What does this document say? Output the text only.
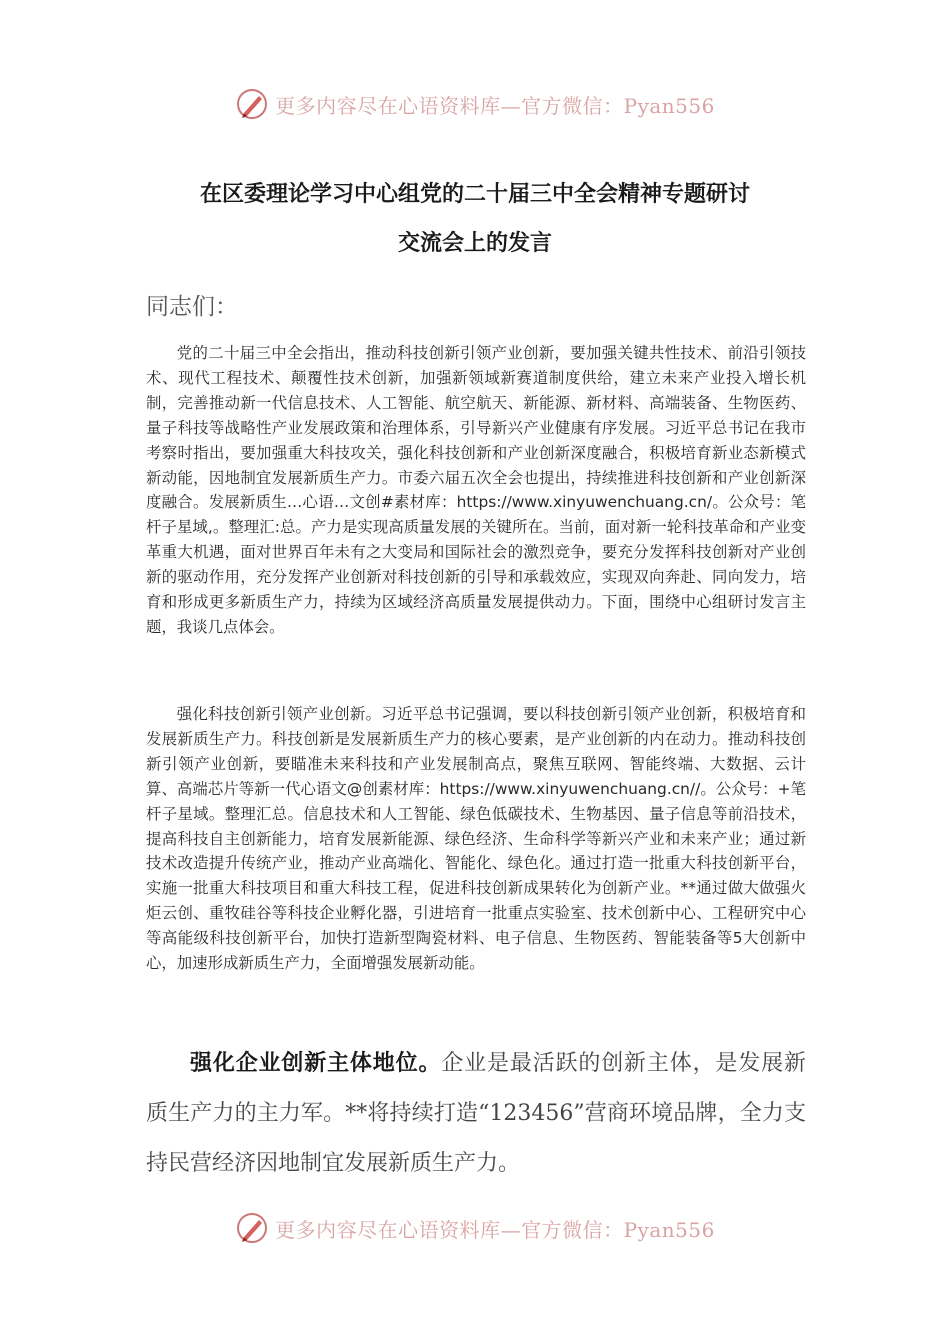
更多内容尽在心语资料库—官方微信：Pyan556
在区委理论学习中心组党的二十届三中全会精神专题研讨
交流会上的发言
同志们：

党的二十届三中全会指出，推动科技创新引领产业创新，要加强关键共性技术、前沿引领技术、现代工程技术、颠覆性技术创新，加强新领域新赛道制度供给，建立未来产业投入增长机制，完善推动新一代信息技术、人工智能、航空航天、新能源、新材料、高端装备、生物医药、量子科技等战略性产业发展政策和治理体系，引导新兴产业健康有序发展。习近平总书记在我市考察时指出，要加强重大科技攻关，强化科技创新和产业创新深度融合，积极培育新业态新模式新动能，因地制宜发展新质生产力。市委六届五次全会也提出，持续推进科技创新和产业创新深度融合。发展新质生…心语…文创#素材库：https://www.xinyuwenchuang.cn/。公众号：笔杆子星域,。整理汇:总。产力是实现高质量发展的关键所在。当前，面对新一轮科技革命和产业变革重大机遇，面对世界百年未有之大变局和国际社会的激烈竞争，要充分发挥科技创新对产业创新的驱动作用，充分发挥产业创新对科技创新的引导和承载效应，实现双向奔赴、同向发力，培育和形成更多新质生产力，持续为区域经济高质量发展提供动力。下面，围绕中心组研讨发言主题，我谈几点体会。

强化科技创新引领产业创新。习近平总书记强调，要以科技创新引领产业创新，积极培育和发展新质生产力。科技创新是发展新质生产力的核心要素，是产业创新的内在动力。推动科技创新引领产业创新，要瞄准未来科技和产业发展制高点，聚焦互联网、智能终端、大数据、云计算、高端芯片等新一代心语文@创素材库：https://www.xinyuwenchuang.cn//。公众号：+笔杆子星域。整理汇总。信息技术和人工智能、绿色低碳技术、生物基因、量子信息等前沿技术，提高科技自主创新能力，培育发展新能源、绿色经济、生命科学等新兴产业和未来产业；通过新技术改造提升传统产业，推动产业高端化、智能化、绿色化。通过打造一批重大科技创新平台，实施一批重大科技项目和重大科技工程，促进科技创新成果转化为创新产业。**通过做大做强火炬云创、重牧硅谷等科技企业孵化器，引进培育一批重点实验室、技术创新中心、工程研究中心等高能级科技创新平台，加快打造新型陶瓷材料、电子信息、生物医药、智能装备等5大创新中心，加速形成新质生产力，全面增强发展新动能。

强化企业创新主体地位。企业是最活跃的创新主体，是发展新质生产力的主力军。**将持续打造“123456”营商环境品牌，全力支持民营经济因地制宜发展新质生产力。

更多内容尽在心语资料库—官方微信：Pyan556
